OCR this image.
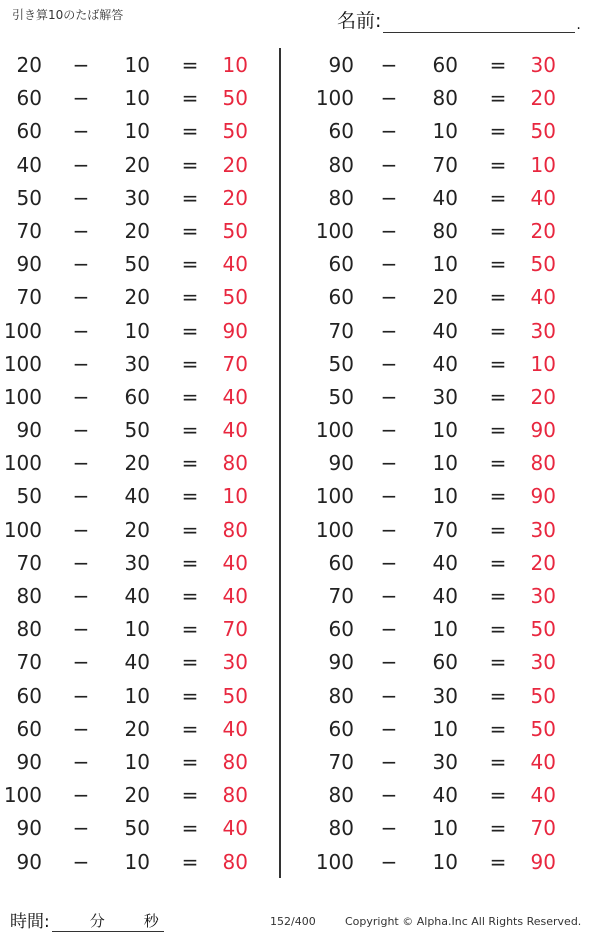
引き算10のたば解答	名前:	.
20 −	10 =	10
60 −	10 =	50
60 −	10 =	50
40 −	20 =	20
50 −	30 =	20
70 −	20 =	50
90 −	50 =	40
70 −	20 =	50
100 −	10 =	90
100 −	30 =	70
100 −	60 =	40
90 −	50 =	40
100 −	20 =	80
50 −	40 =	10
100 −	20 =	80
70 −	30 =	40
80 −	40 =	40
80 −	10 =	70
70 −	40 =	30
60 −	10 =	50
60 −	20 =	40
90 −	10 =	80
100 −	20 =	80
90 −	50 =	40
90 −	10 =	80
90 −	60 =	30
100 −	80 =	20
60 −	10 =	50
80 −	70 =	10
80 −	40 =	40
100 −	80 =	20
60 −	10 =	50
60 −	20 =	40
70 −	40 =	30
50 −	40 =	10
50 −	30 =	20
100 −	10 =	90
90 −	10 =	80
100 −	10 =	90
100 −	70 =	30
60 −	40 =	20
70 −	40 =	30
60 −	10 =	50
90 −	60 =	30
80 −	30 =	50
60 −	10 =	50
70 −	30 =	40
80 −	40 =	40
80 −	10 =	70
100 −	10 =	90
時間:	分	秒	152/400	Copyright © Alpha.Inc All Rights Reserved.
